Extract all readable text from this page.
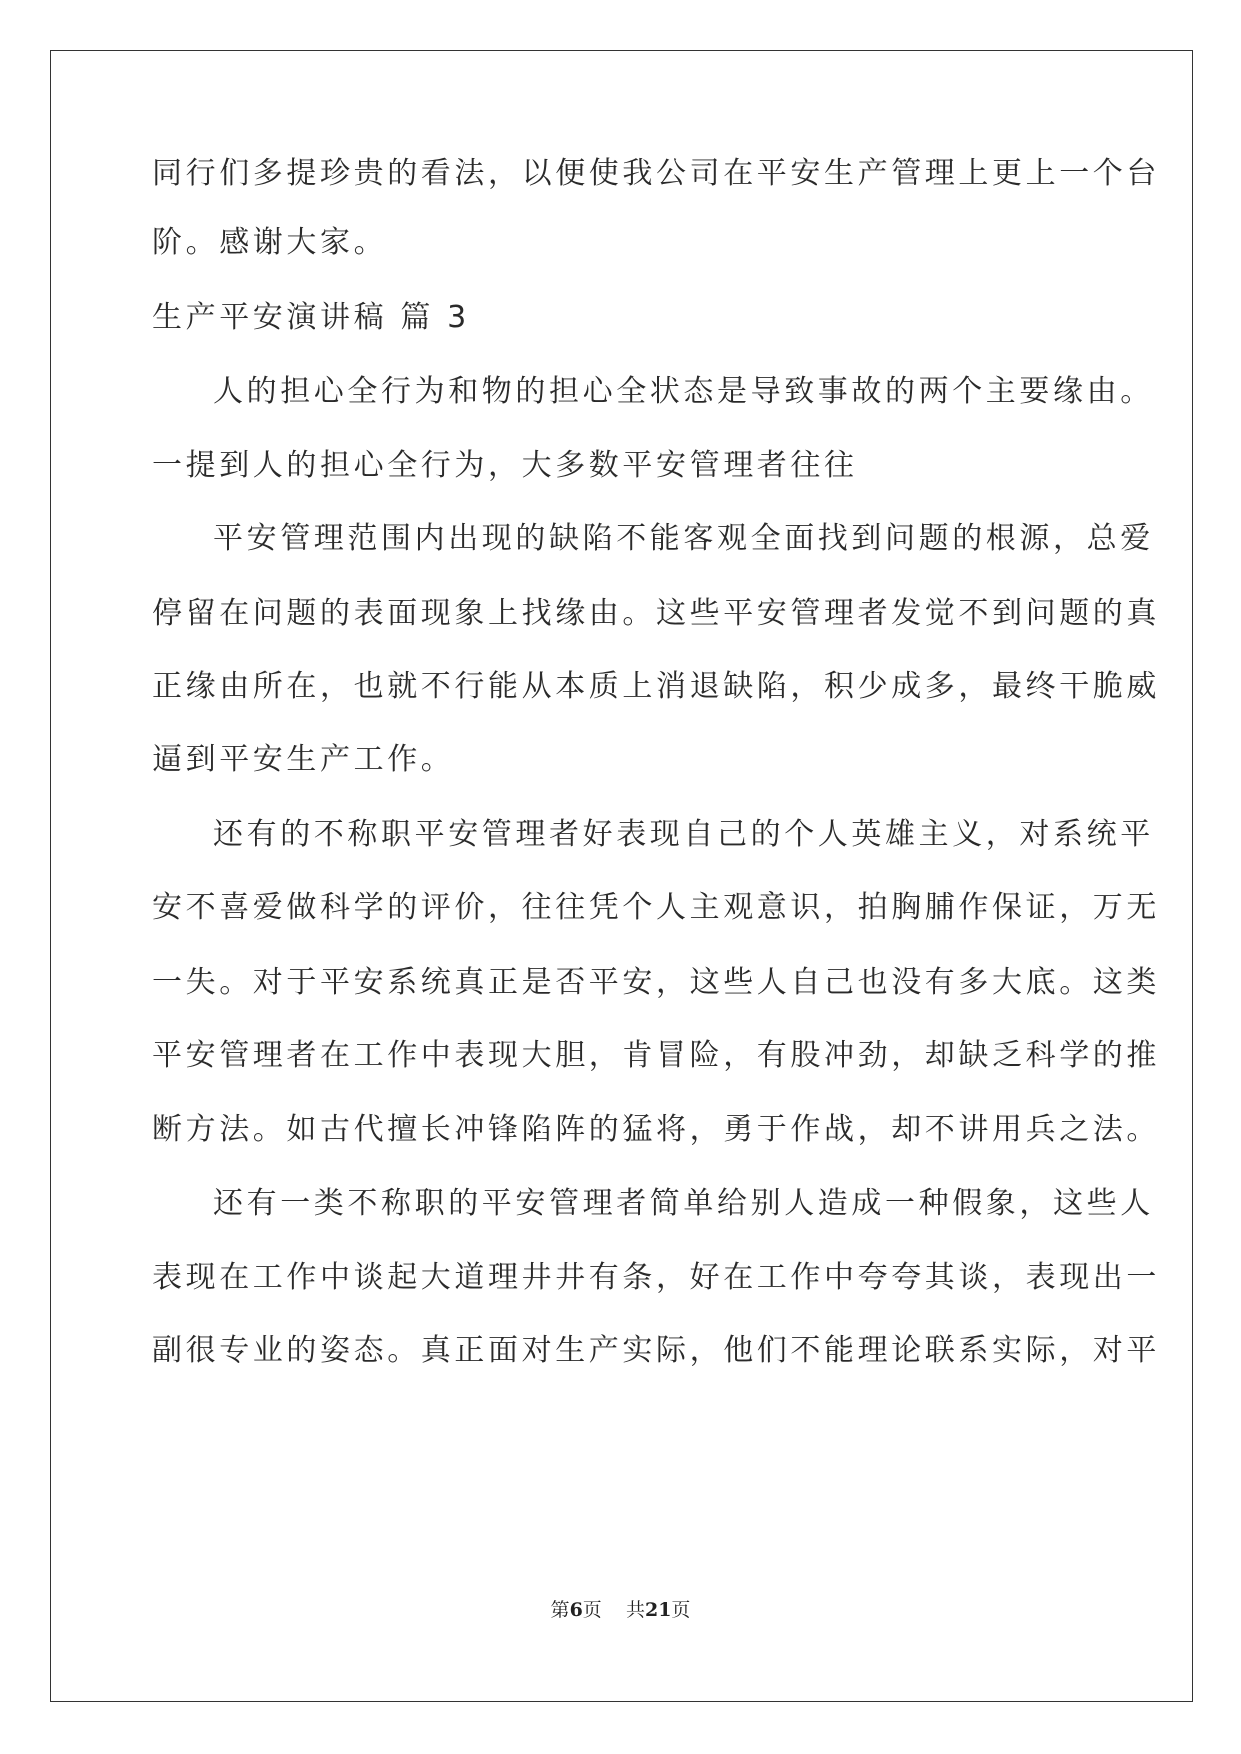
同行们多提珍贵的看法，以便使我公司在平安生产管理上更上一个台

阶。感谢大家。

生产平安演讲稿 篇 3

人的担心全行为和物的担心全状态是导致事故的两个主要缘由。

一提到人的担心全行为，大多数平安管理者往往

平安管理范围内出现的缺陷不能客观全面找到问题的根源，总爱

停留在问题的表面现象上找缘由。这些平安管理者发觉不到问题的真

正缘由所在，也就不行能从本质上消退缺陷，积少成多，最终干脆威

逼到平安生产工作。

还有的不称职平安管理者好表现自己的个人英雄主义，对系统平

安不喜爱做科学的评价，往往凭个人主观意识，拍胸脯作保证，万无

一失。对于平安系统真正是否平安，这些人自己也没有多大底。这类

平安管理者在工作中表现大胆，肯冒险，有股冲劲，却缺乏科学的推

断方法。如古代擅长冲锋陷阵的猛将，勇于作战，却不讲用兵之法。

还有一类不称职的平安管理者简单给别人造成一种假象，这些人

表现在工作中谈起大道理井井有条，好在工作中夸夸其谈，表现出一

副很专业的姿态。真正面对生产实际，他们不能理论联系实际，对平

第6页    共21页
